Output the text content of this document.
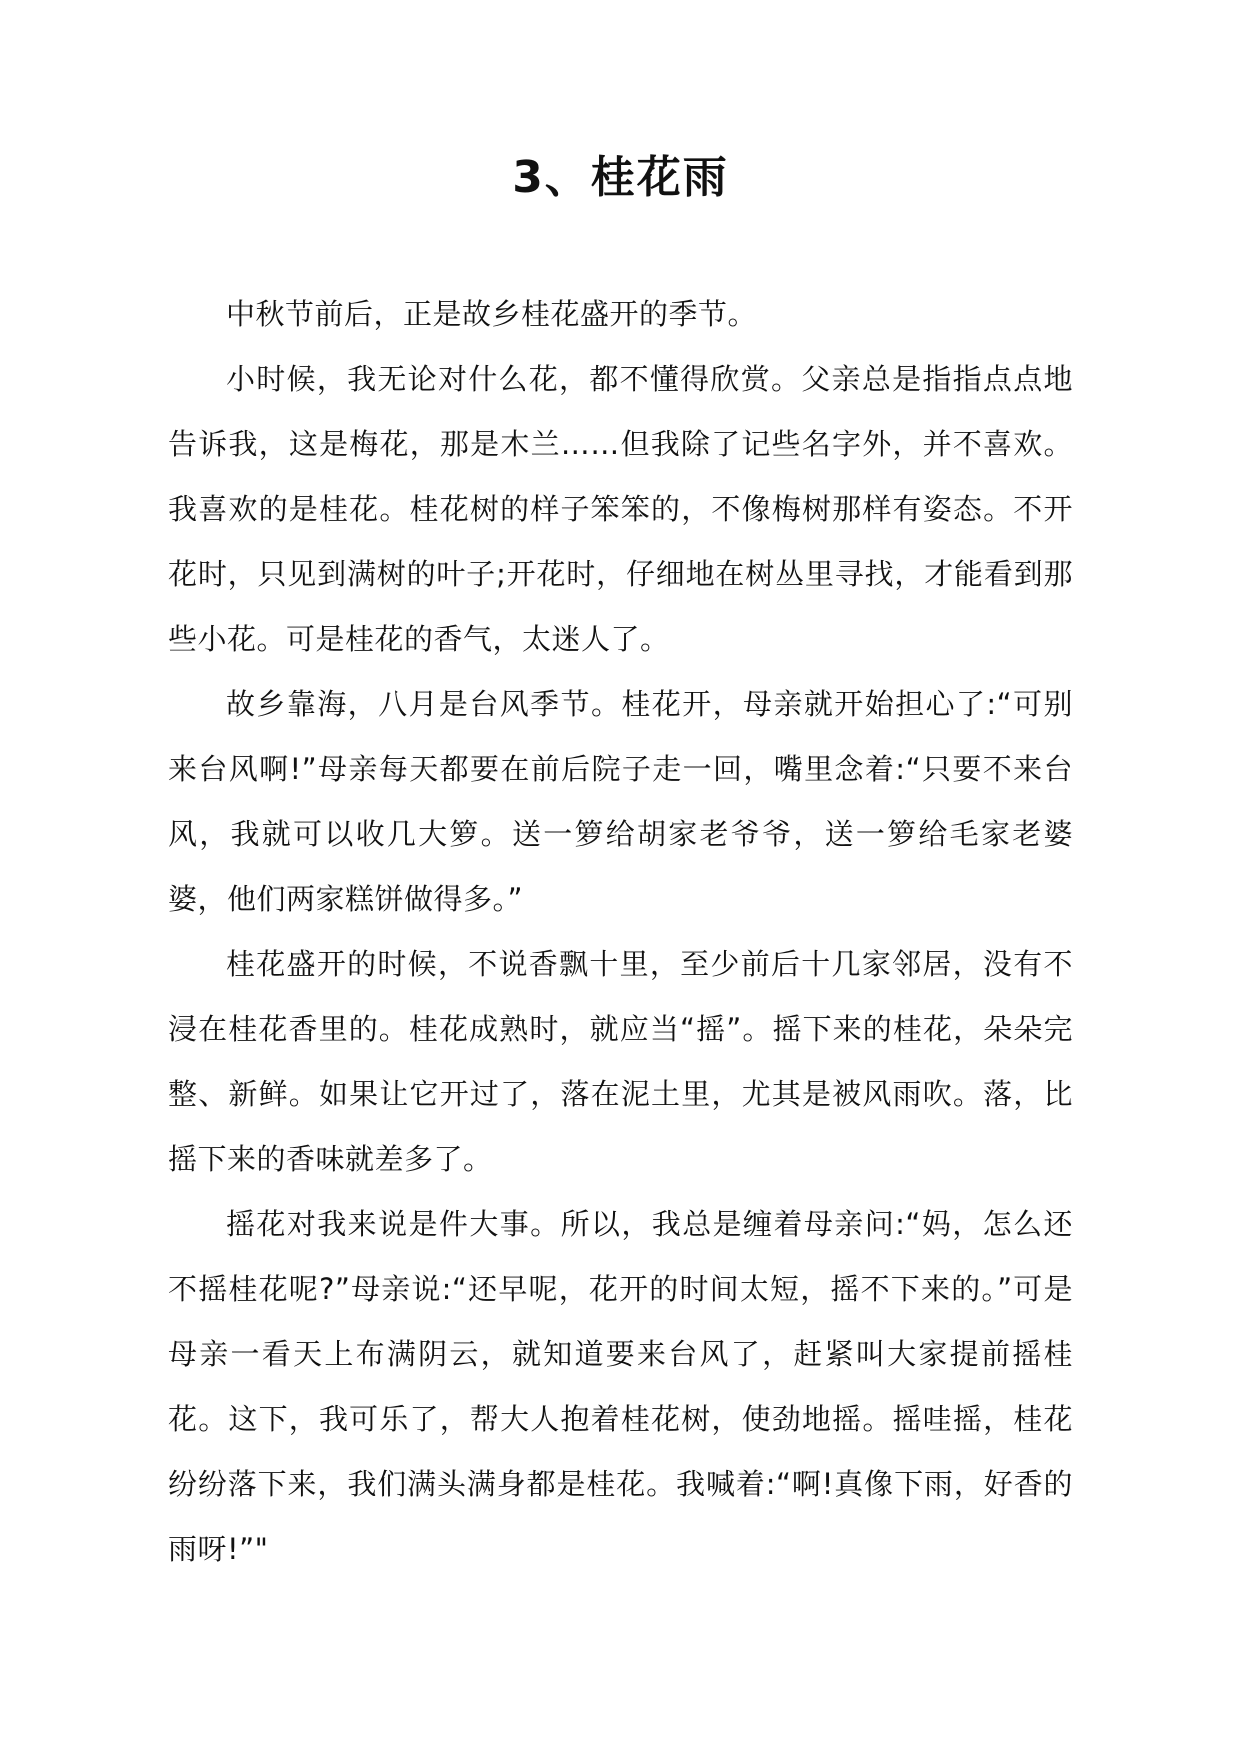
3、桂花雨

中秋节前后，正是故乡桂花盛开的季节。

小时候，我无论对什么花，都不懂得欣赏。父亲总是指指点点地告诉我，这是梅花，那是木兰……但我除了记些名字外，并不喜欢。我喜欢的是桂花。桂花树的样子笨笨的，不像梅树那样有姿态。不开花时，只见到满树的叶子;开花时，仔细地在树丛里寻找，才能看到那些小花。可是桂花的香气，太迷人了。

故乡靠海，八月是台风季节。桂花开，母亲就开始担心了:“可别来台风啊!”母亲每天都要在前后院子走一回，嘴里念着:“只要不来台风，我就可以收几大箩。送一箩给胡家老爷爷，送一箩给毛家老婆婆，他们两家糕饼做得多。”

桂花盛开的时候，不说香飘十里，至少前后十几家邻居，没有不浸在桂花香里的。桂花成熟时，就应当“摇”。摇下来的桂花，朵朵完整、新鲜。如果让它开过了，落在泥土里，尤其是被风雨吹。落，比摇下来的香味就差多了。

摇花对我来说是件大事。所以，我总是缠着母亲问:“妈，怎么还不摇桂花呢?”母亲说:“还早呢，花开的时间太短，摇不下来的。”可是母亲一看天上布满阴云，就知道要来台风了，赶紧叫大家提前摇桂花。这下，我可乐了，帮大人抱着桂花树，使劲地摇。摇哇摇，桂花纷纷落下来，我们满头满身都是桂花。我喊着:“啊!真像下雨，好香的雨呀!”"
